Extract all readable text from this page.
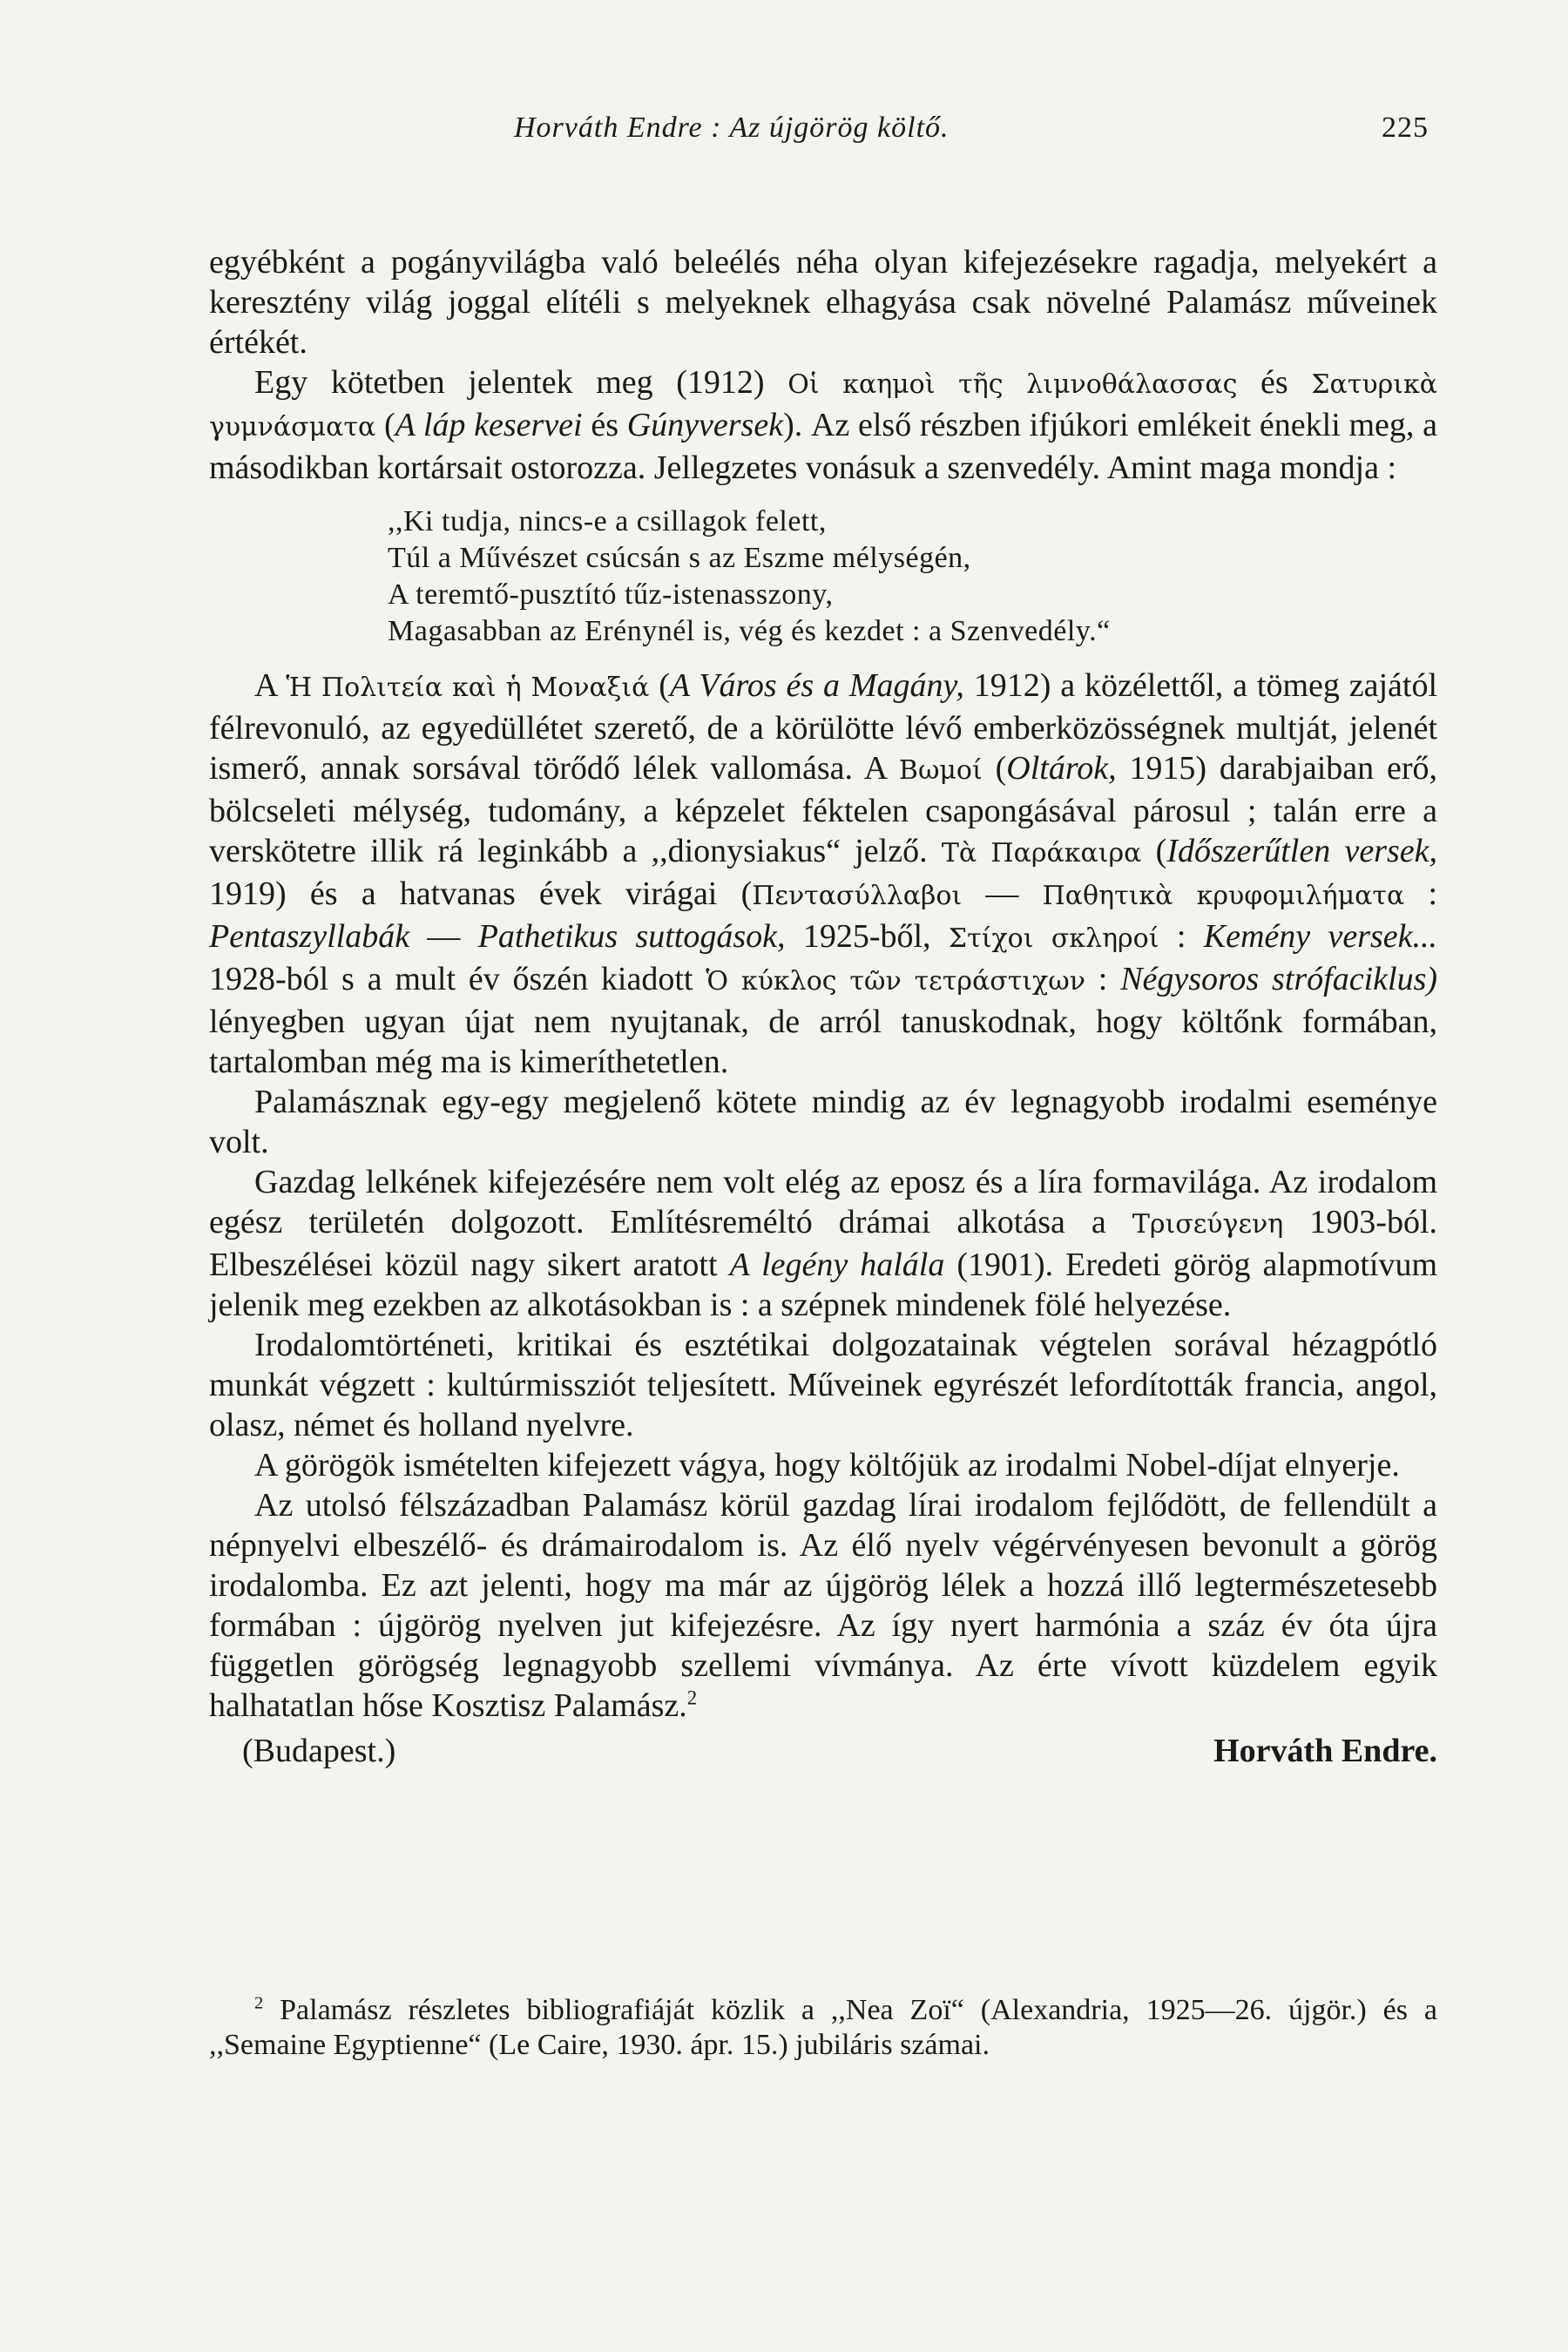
Horváth Endre : Az újgörög költő.	225

egyébként a pogányvilágba való beleélés néha olyan kifejezésekre ragadja, melyekért a keresztény világ joggal elítéli s melyeknek elhagyása csak növelné Palamász műveinek értékét.

Egy kötetben jelentek meg (1912) Οἱ καημοὶ τῆς λιμνοθάλασσας és Σατυρικὰ γυμνάσματα (A láp keservei és Gúnyversek). Az első részben ifjúkori emlékeit énekli meg, a másodikban kortársait ostorozza. Jellegzetes vonásuk a szenvedély. Amint maga mondja :

,,Ki tudja, nincs-e a csillagok felett,
Túl a Művészet csúcsán s az Eszme mélységén,
A teremtő-pusztító tűz-istenasszony,
Magasabban az Erénynél is, vég és kezdet : a Szenvedély.“

A Ἡ Πολιτεία καὶ ἡ Μοναξιά (A Város és a Magány, 1912) a közélettől, a tömeg zajától félrevonuló, az egyedüllétet szerető, de a körülötte lévő emberközösségnek multját, jelenét ismerő, annak sorsával törődő lélek vallomása. A Βωμοί (Oltárok, 1915) darabjaiban erő, bölcseleti mélység, tudomány, a képzelet féktelen csapongásával párosul ; talán erre a verskötetre illik rá leginkább a ,,dionysiakus“ jelző. Τὰ Παράκαιρα (Időszerűtlen versek, 1919) és a hatvanas évek virágai (Πεντασύλλαβοι — Παθητικὰ κρυφομιλήματα : Pentaszyllabák — Pathetikus suttogások, 1925-ből, Στίχοι σκληροί : Kemény versek... 1928-ból s a mult év őszén kiadott Ὁ κύκλος τῶν τετράστιχων : Négysoros strófaciklus) lényegben ugyan újat nem nyujtanak, de arról tanuskodnak, hogy költőnk formában, tartalomban még ma is kimeríthetetlen.

Palamásznak egy-egy megjelenő kötete mindig az év legnagyobb irodalmi eseménye volt.

Gazdag lelkének kifejezésére nem volt elég az eposz és a líra formavilága. Az irodalom egész területén dolgozott. Említésreméltó drámai alkotása a Τρισεύγενη 1903-ból. Elbeszélései közül nagy sikert aratott A legény halála (1901). Eredeti görög alapmotívum jelenik meg ezekben az alkotásokban is : a szépnek mindenek fölé helyezése.

Irodalomtörténeti, kritikai és esztétikai dolgozatainak végtelen sorával hézagpótló munkát végzett : kultúrmissziót teljesített. Műveinek egyrészét lefordították francia, angol, olasz, német és holland nyelvre.

A görögök ismételten kifejezett vágya, hogy költőjük az irodalmi Nobel-díjat elnyerje.

Az utolsó félszázadban Palamász körül gazdag lírai irodalom fejlődött, de fellendült a népnyelvi elbeszélő- és drámairodalom is. Az élő nyelv végérvényesen bevonult a görög irodalomba. Ez azt jelenti, hogy ma már az újgörög lélek a hozzá illő legtermészetesebb formában : újgörög nyelven jut kifejezésre. Az így nyert harmónia a száz év óta újra független görögség legnagyobb szellemi vívmánya. Az érte vívott küzdelem egyik halhatatlan hőse Kosztisz Palamász.$^2$

(Budapest.)	Horváth Endre.

$^2$ Palamász részletes bibliografiáját közlik a ,,Nea Zoï“ (Alexandria, 1925—26. újgör.) és a ,,Semaine Egyptienne“ (Le Caire, 1930. ápr. 15.) jubiláris számai.
